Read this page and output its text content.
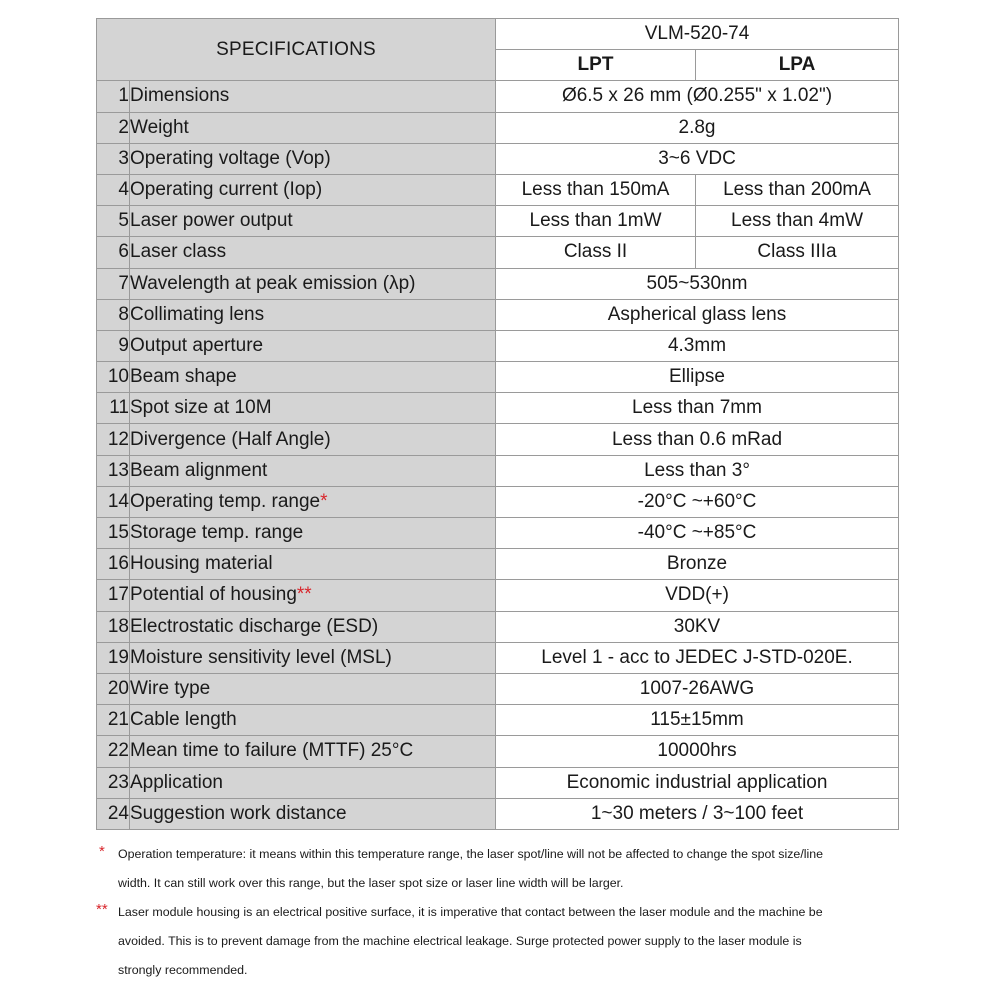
SPECIFICATIONS		VLM-520-74	
		LPT	LPA
1	Dimensions	Ø6.5 x 26 mm (Ø0.255" x 1.02")	
2	Weight	2.8g	
3	Operating voltage (Vop)	3~6 VDC	
4	Operating current (Iop)	Less than 150mA	Less than 200mA
5	Laser power output	Less than 1mW	Less than 4mW
6	Laser class	Class II	Class IIIa
7	Wavelength at peak emission (λp)	505~530nm	
8	Collimating lens	Aspherical glass lens	
9	Output aperture	4.3mm	
10	Beam shape	Ellipse	
11	Spot size at 10M	Less than 7mm	
12	Divergence (Half Angle)	Less than 0.6 mRad	
13	Beam alignment	Less than 3°	
14	Operating temp. range*	-20°C ~+60°C	
15	Storage temp. range	-40°C ~+85°C	
16	Housing material	Bronze	
17	Potential of housing**	VDD(+)	
18	Electrostatic discharge (ESD)	30KV	
19	Moisture sensitivity level (MSL)	Level 1 - acc to JEDEC J-STD-020E.	
20	Wire type	1007-26AWG	
21	Cable length	115±15mm	
22	Mean time to failure (MTTF) 25°C	10000hrs	
23	Application	Economic industrial application	
24	Suggestion work distance	1~30 meters / 3~100 feet	
* Operation temperature: it means within this temperature range, the laser spot/line will not be affected to change the spot size/line
width. It can still work over this range, but the laser spot size or laser line width will be larger.
** Laser module housing is an electrical positive surface, it is imperative that contact between the laser module and the machine be
avoided. This is to prevent damage from the machine electrical leakage. Surge protected power supply to the laser module is
strongly recommended.
